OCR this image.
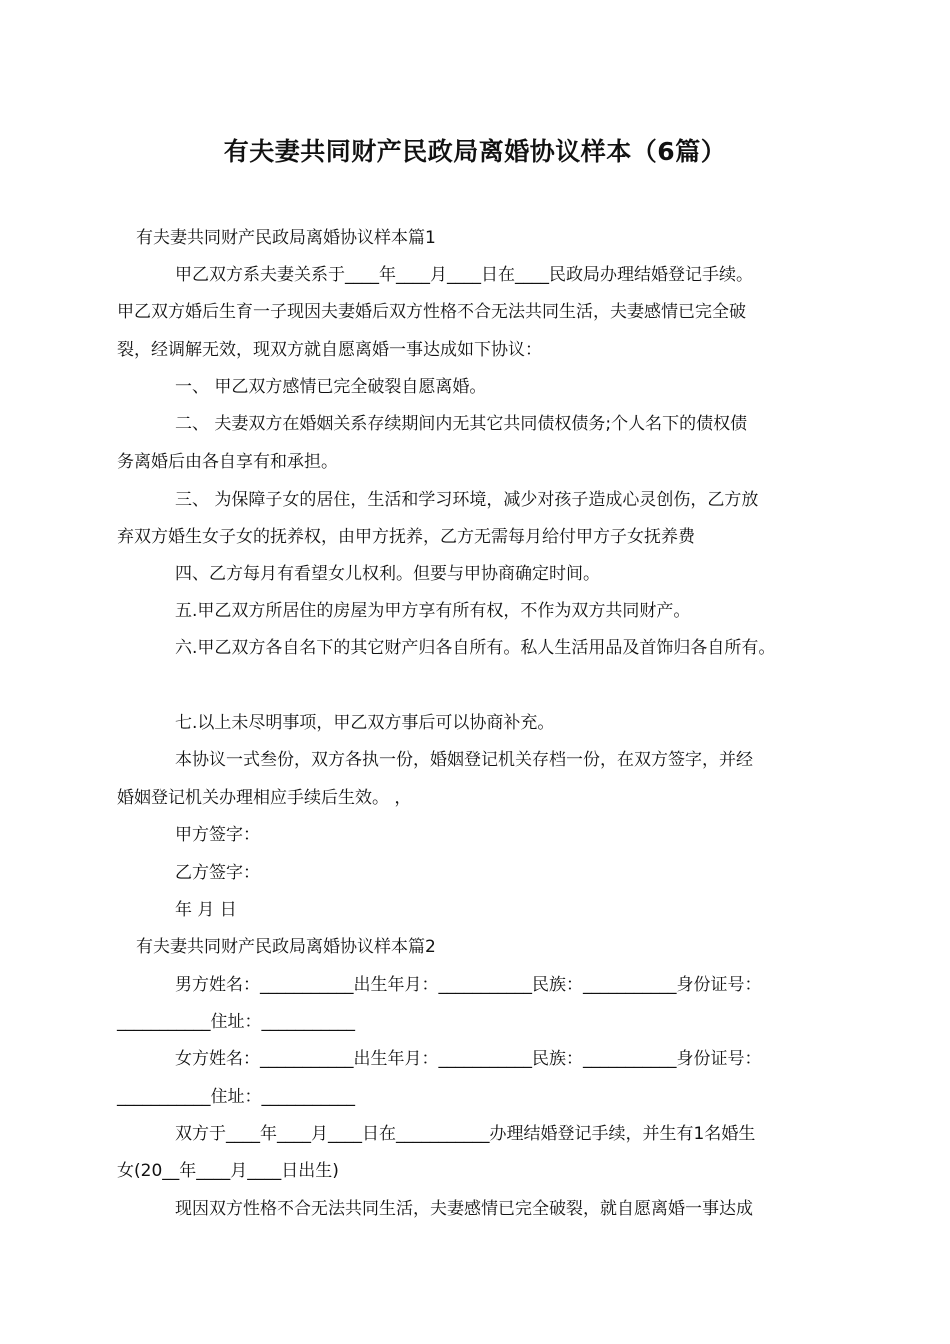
有夫妻共同财产民政局离婚协议样本（6篇）

有夫妻共同财产民政局离婚协议样本篇1

甲乙双方系夫妻关系于____年____月____日在____民政局办理结婚登记手续。

甲乙双方婚后生育一子现因夫妻婚后双方性格不合无法共同生活，夫妻感情已完全破

裂，经调解无效，现双方就自愿离婚一事达成如下协议：

一、 甲乙双方感情已完全破裂自愿离婚。

二、 夫妻双方在婚姻关系存续期间内无其它共同债权债务;个人名下的债权债

务离婚后由各自享有和承担。

三、 为保障子女的居住，生活和学习环境，减少对孩子造成心灵创伤，乙方放

弃双方婚生女子女的抚养权，由甲方抚养，乙方无需每月给付甲方子女抚养费

四、乙方每月有看望女儿权利。但要与甲协商确定时间。

五.甲乙双方所居住的房屋为甲方享有所有权，不作为双方共同财产。

六.甲乙双方各自名下的其它财产归各自所有。私人生活用品及首饰归各自所有。

七.以上未尽明事项，甲乙双方事后可以协商补充。

本协议一式叁份，双方各执一份，婚姻登记机关存档一份，在双方签字，并经

婚姻登记机关办理相应手续后生效。 ，

甲方签字：

乙方签字：

年 月 日

有夫妻共同财产民政局离婚协议样本篇2

男方姓名：___________出生年月：___________民族：___________身份证号：

___________住址：___________

女方姓名：___________出生年月：___________民族：___________身份证号：

___________住址：___________

双方于____年____月____日在___________办理结婚登记手续，并生有1名婚生

女(20__年____月____日出生)

现因双方性格不合无法共同生活，夫妻感情已完全破裂，就自愿离婚一事达成
